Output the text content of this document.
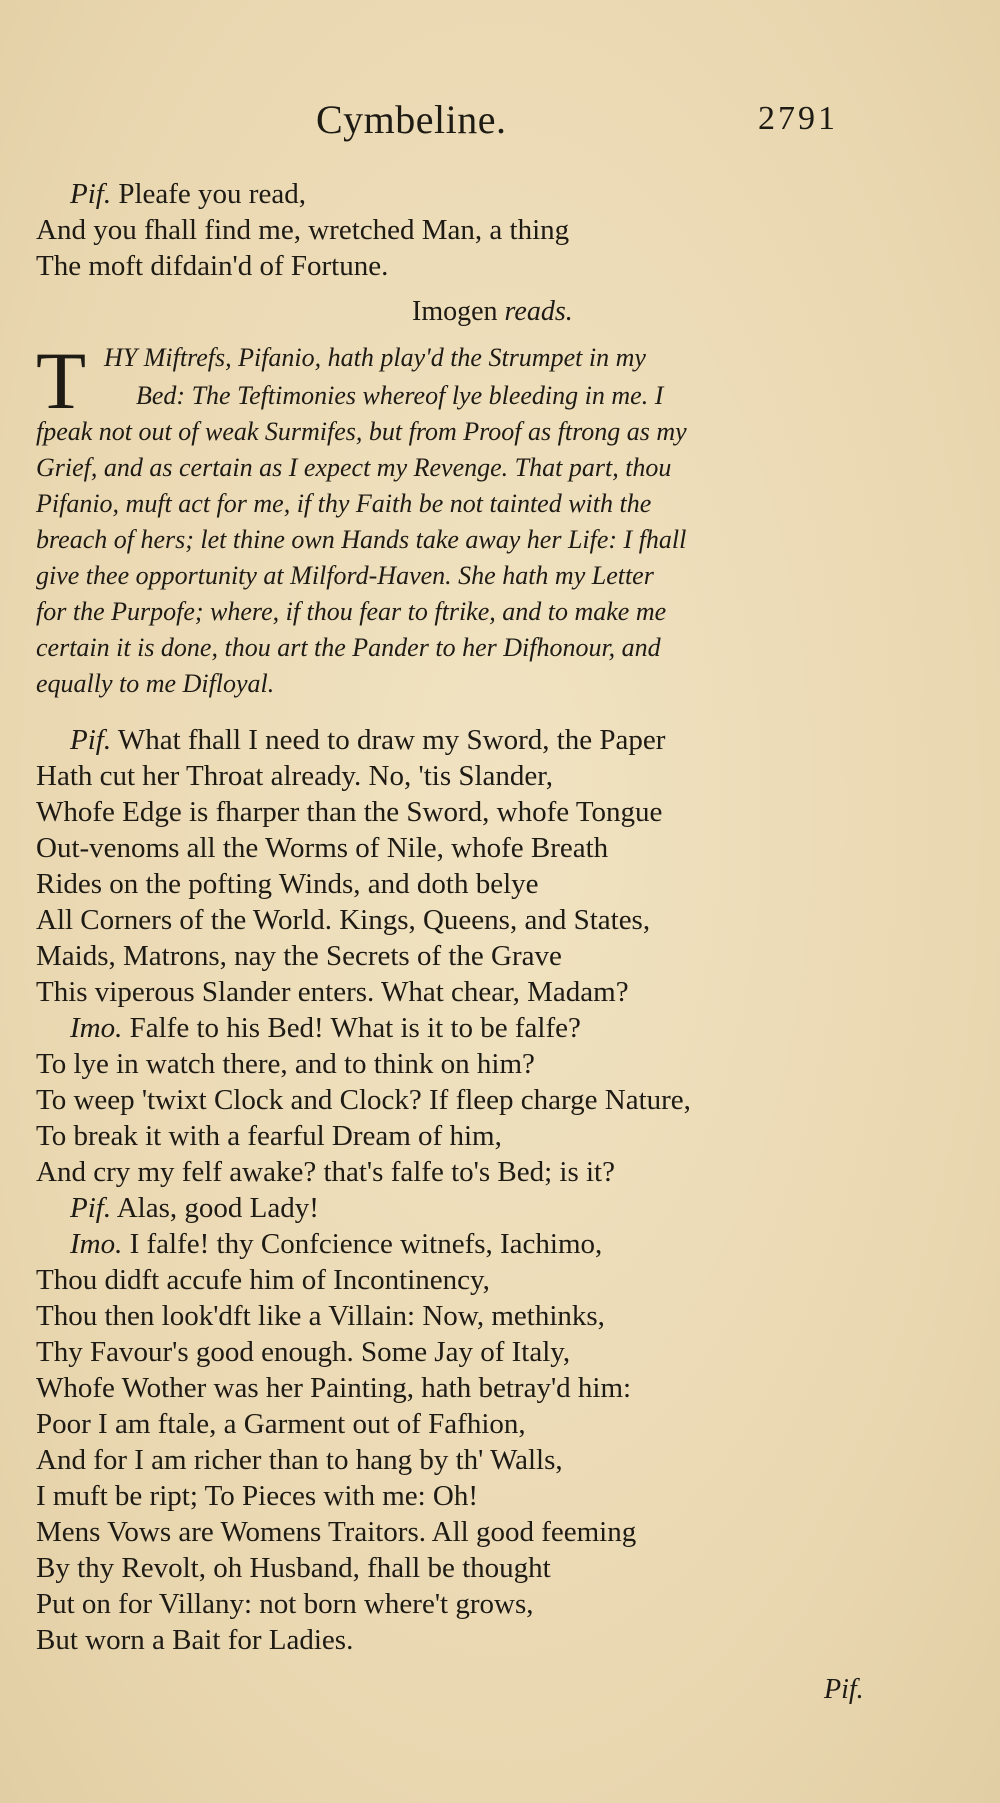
Cymbeline.	2791
Pif. Pleafe you read,
And you fhall find me, wretched Man, a thing
The moft difdain'd of Fortune.
Imogen reads.
T HY Miftrefs, Pifanio, hath play'd the Strumpet in my
Bed: The Teftimonies whereof lye bleeding in me. I
fpeak not out of weak Surmifes, but from Proof as ftrong as my
Grief, and as certain as I expect my Revenge. That part, thou
Pifanio, muft act for me, if thy Faith be not tainted with the
breach of hers; let thine own Hands take away her Life: I fhall
give thee opportunity at Milford-Haven. She hath my Letter
for the Purpofe; where, if thou fear to ftrike, and to make me
certain it is done, thou art the Pander to her Difhonour, and
equally to me Difloyal.
Pif. What fhall I need to draw my Sword, the Paper
Hath cut her Throat already. No, 'tis Slander,
Whofe Edge is fharper than the Sword, whofe Tongue
Out-venoms all the Worms of Nile, whofe Breath
Rides on the pofting Winds, and doth belye
All Corners of the World. Kings, Queens, and States,
Maids, Matrons, nay the Secrets of the Grave
This viperous Slander enters. What chear, Madam?
Imo. Falfe to his Bed! What is it to be falfe?
To lye in watch there, and to think on him?
To weep 'twixt Clock and Clock? If fleep charge Nature,
To break it with a fearful Dream of him,
And cry my felf awake? that's falfe to's Bed; is it?
Pif. Alas, good Lady!
Imo. I falfe! thy Confcience witnefs, Iachimo,
Thou didft accufe him of Incontinency,
Thou then look'dft like a Villain: Now, methinks,
Thy Favour's good enough. Some Jay of Italy,
Whofe Wother was her Painting, hath betray'd him:
Poor I am ftale, a Garment out of Fafhion,
And for I am richer than to hang by th' Walls,
I muft be ript; To Pieces with me: Oh!
Mens Vows are Womens Traitors. All good feeming
By thy Revolt, oh Husband, fhall be thought
Put on for Villany: not born where't grows,
But worn a Bait for Ladies.
Pif.
